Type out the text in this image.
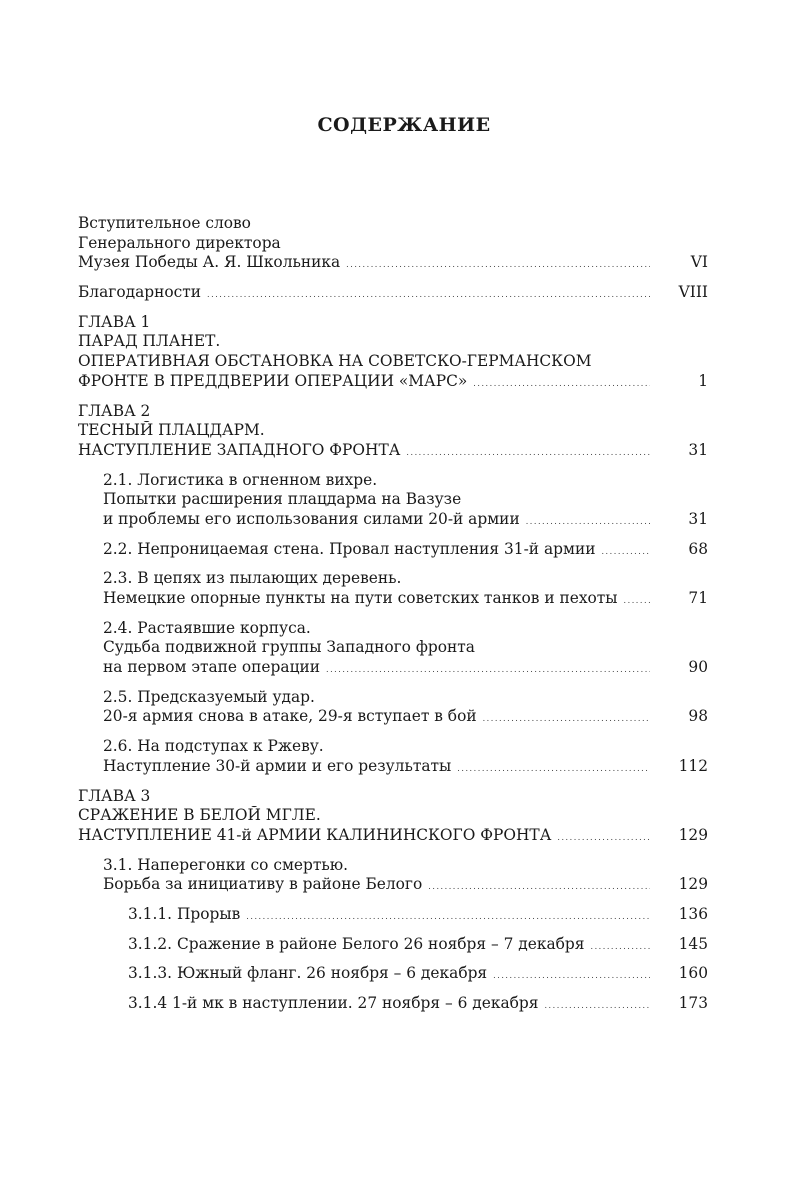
СОДЕРЖАНИЕ
Вступительное слово
Генерального директора
Музея Победы А. Я. Школьника . . .	VI
Благодарности . . .	VIII
ГЛАВА 1
ПАРАД ПЛАНЕТ.
ОПЕРАТИВНАЯ ОБСТАНОВКА НА СОВЕТСКО-ГЕРМАНСКОМ
ФРОНТЕ В ПРЕДДВЕРИИ ОПЕРАЦИИ «МАРС» . . .	1
ГЛАВА 2
ТЕСНЫЙ ПЛАЦДАРМ.
НАСТУПЛЕНИЕ ЗАПАДНОГО ФРОНТА . . .	31
2.1. Логистика в огненном вихре.
Попытки расширения плацдарма на Вазузе
и проблемы его использования силами 20-й армии . . .	31
2.2. Непроницаемая стена. Провал наступления 31-й армии . . .	68
2.3. В цепях из пылающих деревень.
Немецкие опорные пункты на пути советских танков и пехоты . . .	71
2.4. Растаявшие корпуса.
Судьба подвижной группы Западного фронта
на первом этапе операции . . .	90
2.5. Предсказуемый удар.
20-я армия снова в атаке, 29-я вступает в бой . . .	98
2.6. На подступах к Ржеву.
Наступление 30-й армии и его результаты . . .	112
ГЛАВА 3
СРАЖЕНИЕ В БЕЛОЙ МГЛЕ.
НАСТУПЛЕНИЕ 41-й АРМИИ КАЛИНИНСКОГО ФРОНТА . . .	129
3.1. Наперегонки со смертью.
Борьба за инициативу в районе Белого . . .	129
3.1.1. Прорыв . . .	136
3.1.2. Сражение в районе Белого 26 ноября – 7 декабря . . .	145
3.1.3. Южный фланг. 26 ноября – 6 декабря . . .	160
3.1.4 1-й мк в наступлении. 27 ноября – 6 декабря . . .	173
